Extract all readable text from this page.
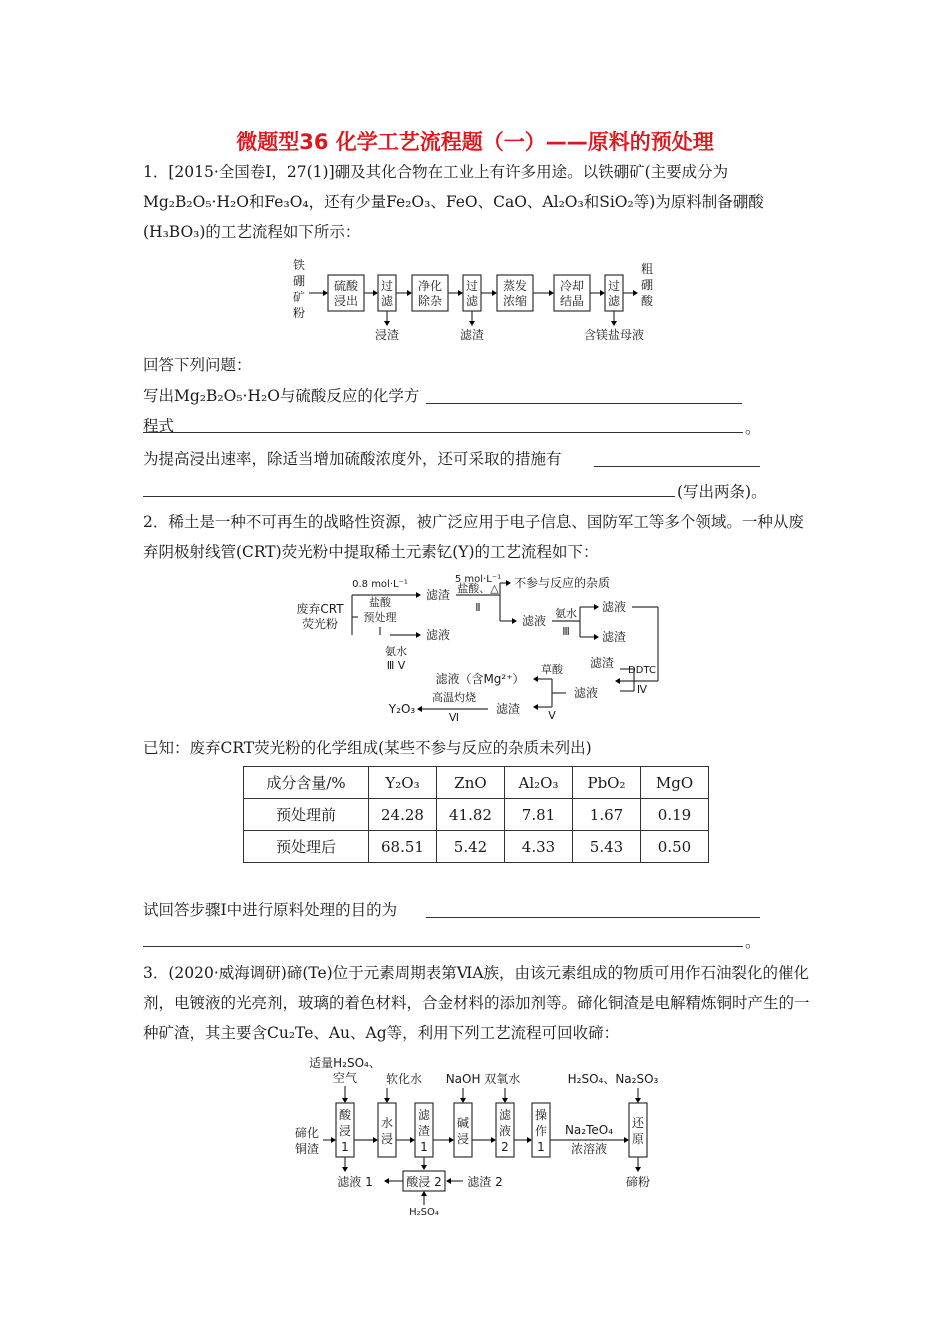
微题型36 化学工艺流程题（一）——原料的预处理
1．[2015·全国卷Ⅰ，27(1)]硼及其化合物在工业上有许多用途。以铁硼矿(主要成分为Mg₂B₂O₅·H₂O和Fe₃O₄，还有少量Fe₂O₃、FeO、CaO、Al₂O₃和SiO₂等)为原料制备硼酸(H₃BO₃)的工艺流程如下所示：
铁
硼
矿
粉
硫酸
浸出
过
滤
净化
除杂
过
滤
蒸发
浓缩
冷却
结晶
过
滤
粗
硼
酸
浸渣	滤渣	含镁盐母液
回答下列问题：
写出Mg₂B₂O₅·H₂O与硫酸反应的化学方程式	。
为提高浸出速率，除适当增加硫酸浓度外，还可采取的措施有
(写出两条)。
2．稀土是一种不可再生的战略性资源，被广泛应用于电子信息、国防军工等多个领域。一种从废弃阴极射线管(CRT)荧光粉中提取稀土元素钇(Y)的工艺流程如下：
废弃CRT
荧光粉
0.8 mol·L⁻¹
盐酸
预处理
Ⅰ
滤渣
滤液
5 mol·L⁻¹
盐酸、△
Ⅱ
不参与反应的杂质
滤液
氨水
Ⅲ
滤液
滤渣
DDTC
Ⅳ
滤渣
滤液
草酸
Ⅴ
滤液（含Mg²⁺）
滤渣
高温灼烧
Ⅵ
Y₂O₃
氨水
Ⅲ Ⅴ
已知：废弃CRT荧光粉的化学组成(某些不参与反应的杂质未列出)
成分含量/%	Y₂O₃	ZnO	Al₂O₃	PbO₂	MgO
预处理前	24.28	41.82	7.81	1.67	0.19
预处理后	68.51	5.42	4.33	5.43	0.50
试回答步骤Ⅰ中进行原料处理的目的为
。
3．(2020·威海调研)碲(Te)位于元素周期表第ⅥA族，由该元素组成的物质可用作石油裂化的催化剂，电镀液的光亮剂，玻璃的着色材料，合金材料的添加剂等。碲化铜渣是电解精炼铜时产生的一种矿渣，其主要含Cu₂Te、Au、Ag等，利用下列工艺流程可回收碲：
适量H₂SO₄、
空气 软化水 NaOH 双氧水	H₂SO₄、Na₂SO₃
碲化
铜渣
酸
浸
1
水
浸
滤
渣
1
碱
浸
滤
液
2
操
作
1
Na₂TeO₄
浓溶液
还
原
碲粉
滤液 1	酸浸 2 滤渣 2
H₂SO₄
